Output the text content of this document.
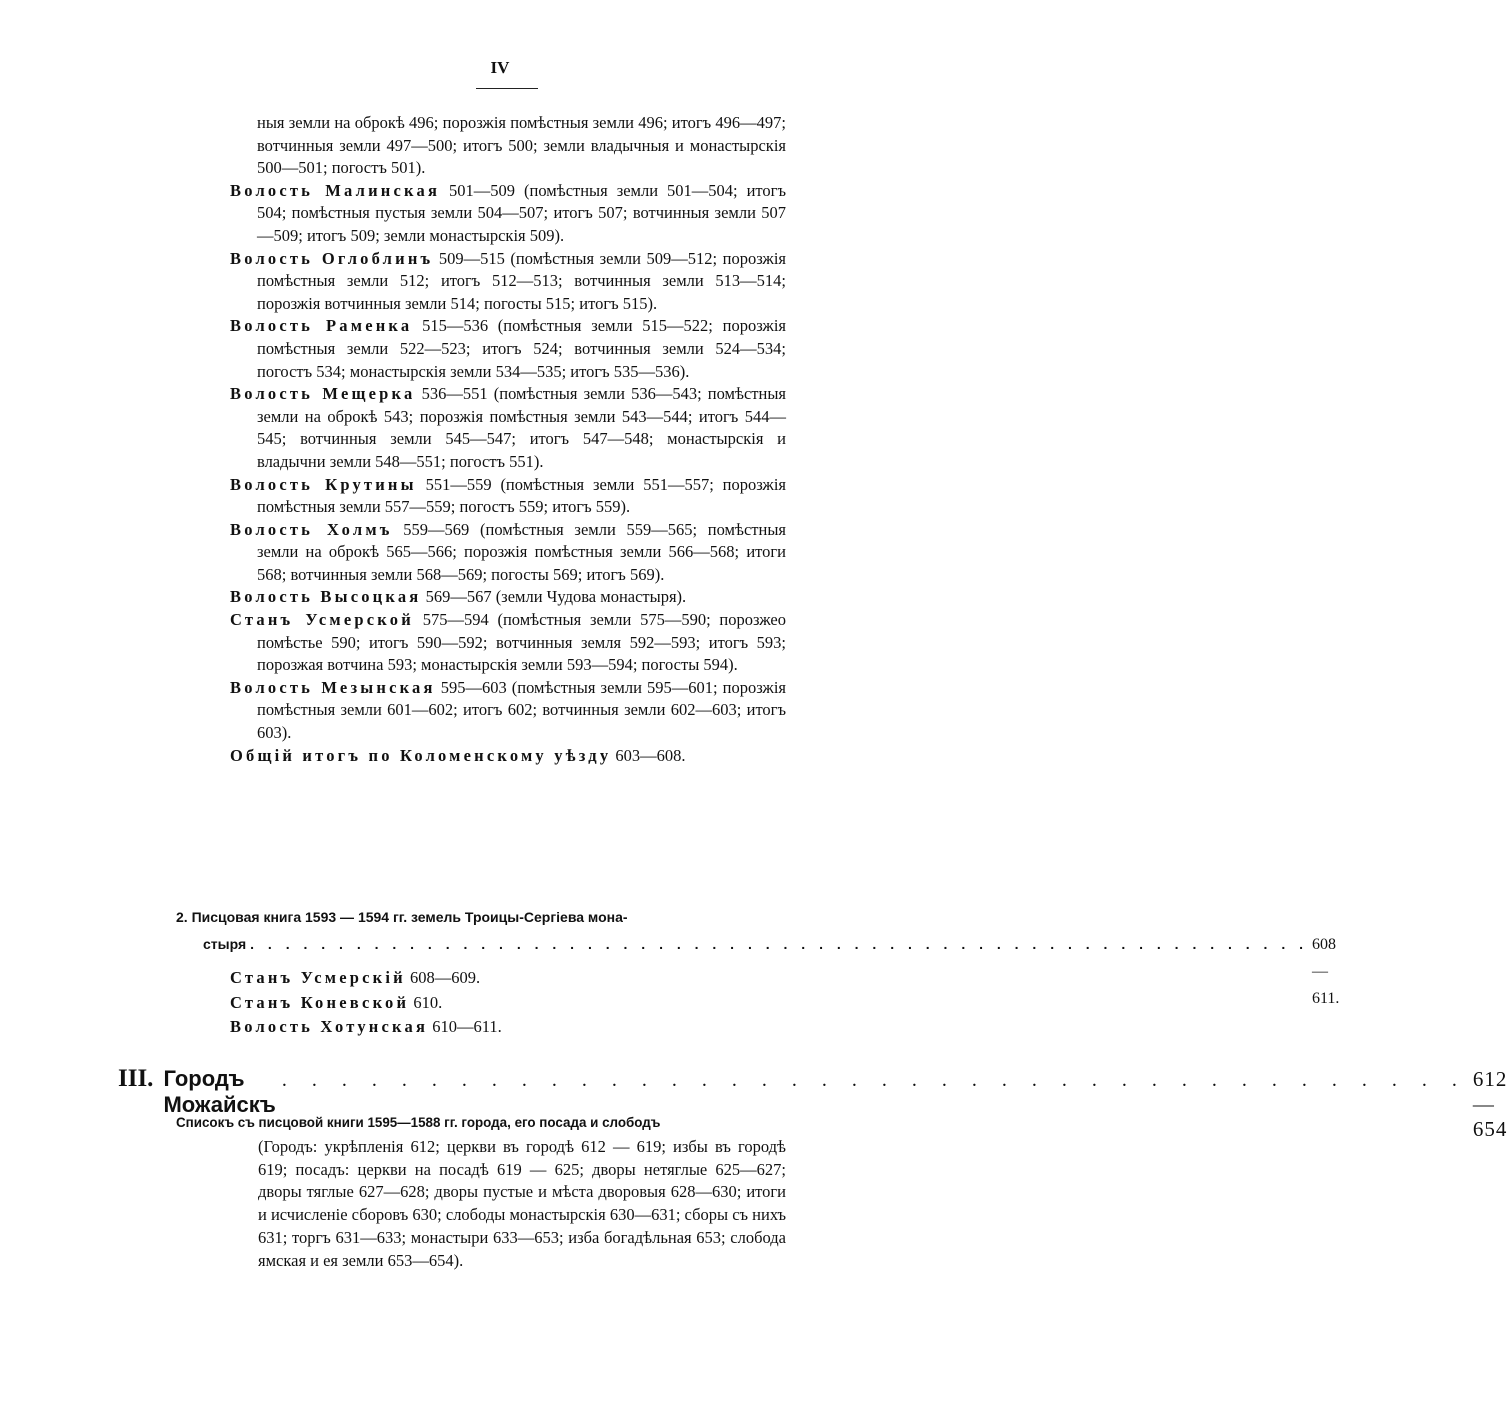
IV
ныя земли на оброкѣ 496; порозжія помѣстныя земли 496; итогъ 496—497; вотчинныя земли 497—500; итогъ 500; земли владычныя и монастырскія 500—501; погостъ 501).
Волость Малинская 501—509 (помѣстныя земли 501—504; итогъ 504; помѣстныя пустыя земли 504—507; итогъ 507; вотчинныя земли 507—509; итогъ 509; земли монастырскія 509).
Волость Оглоблинъ 509—515 (помѣстныя земли 509—512; порозжія помѣстныя земли 512; итогъ 512—513; вотчинныя земли 513—514; порозжія вотчинныя земли 514; погосты 515; итогъ 515).
Волость Раменка 515—536 (помѣстныя земли 515—522; порозжія помѣстныя земли 522—523; итогъ 524; вотчинныя земли 524—534; погостъ 534; монастырскія земли 534—535; итогъ 535—536).
Волость Мещерка 536—551 (помѣстныя земли 536—543; помѣстныя земли на оброкѣ 543; порозжія помѣстныя земли 543—544; итогъ 544—545; вотчинныя земли 545—547; итогъ 547—548; монастырскія и владычни земли 548—551; погостъ 551).
Волость Крутины 551—559 (помѣстныя земли 551—557; порозжія помѣстныя земли 557—559; погостъ 559; итогъ 559).
Волость Холмъ 559—569 (помѣстныя земли 559—565; помѣстныя земли на оброкѣ 565—566; порозжія помѣстныя земли 566—568; итоги 568; вотчинныя земли 568—569; погосты 569; итогъ 569).
Волость Высоцкая 569—567 (земли Чудова монастыря).
Станъ Усмерской 575—594 (помѣстныя земли 575—590; порозжео помѣстье 590; итогъ 590—592; вотчинныя земля 592—593; итогъ 593; порозжая вотчина 593; монастырскія земли 593—594; погосты 594).
Волость Мезынская 595—603 (помѣстныя земли 595—601; порозжія помѣстныя земли 601—602; итогъ 602; вотчинныя земли 602—603; итогъ 603).
Общій итогъ по Коломенскому уѣзду 603—608.
2. Писцовая книга 1593 — 1594 гг. земель Троицы-Сергіева мона-
стыря . . . . . . . . . . . . . . . . . . . . . . . . . . . . . . . . . . . . . . . . . . . . . . . . . . . . . . . . . . . . 608—611.
Станъ Усмерскій 608—609.
Станъ Коневской 610.
Волость Хотунская 610—611.
III. Городъ Можайскъ
. . . . . . . . . . . . . . . . . . . . . . . . . . . . . . . . . . . . . . . . 612—654
Списокъ съ писцовой книги 1595—1588 гг. города, его посада и слободъ
(Городъ: укрѣпленія 612; церкви въ городѣ 612 — 619; избы въ городѣ 619; посадъ: церкви на посадѣ 619 — 625; дворы нетяглые 625—627; дворы тяглые 627—628; дворы пустые и мѣста дворовыя 628—630; итоги и исчисленіе сборовъ 630; слободы монастырскія 630—631; сборы съ нихъ 631; торгъ 631—633; монастыри 633—653; изба богадѣльная 653; слобода ямская и ея земли 653—654).
